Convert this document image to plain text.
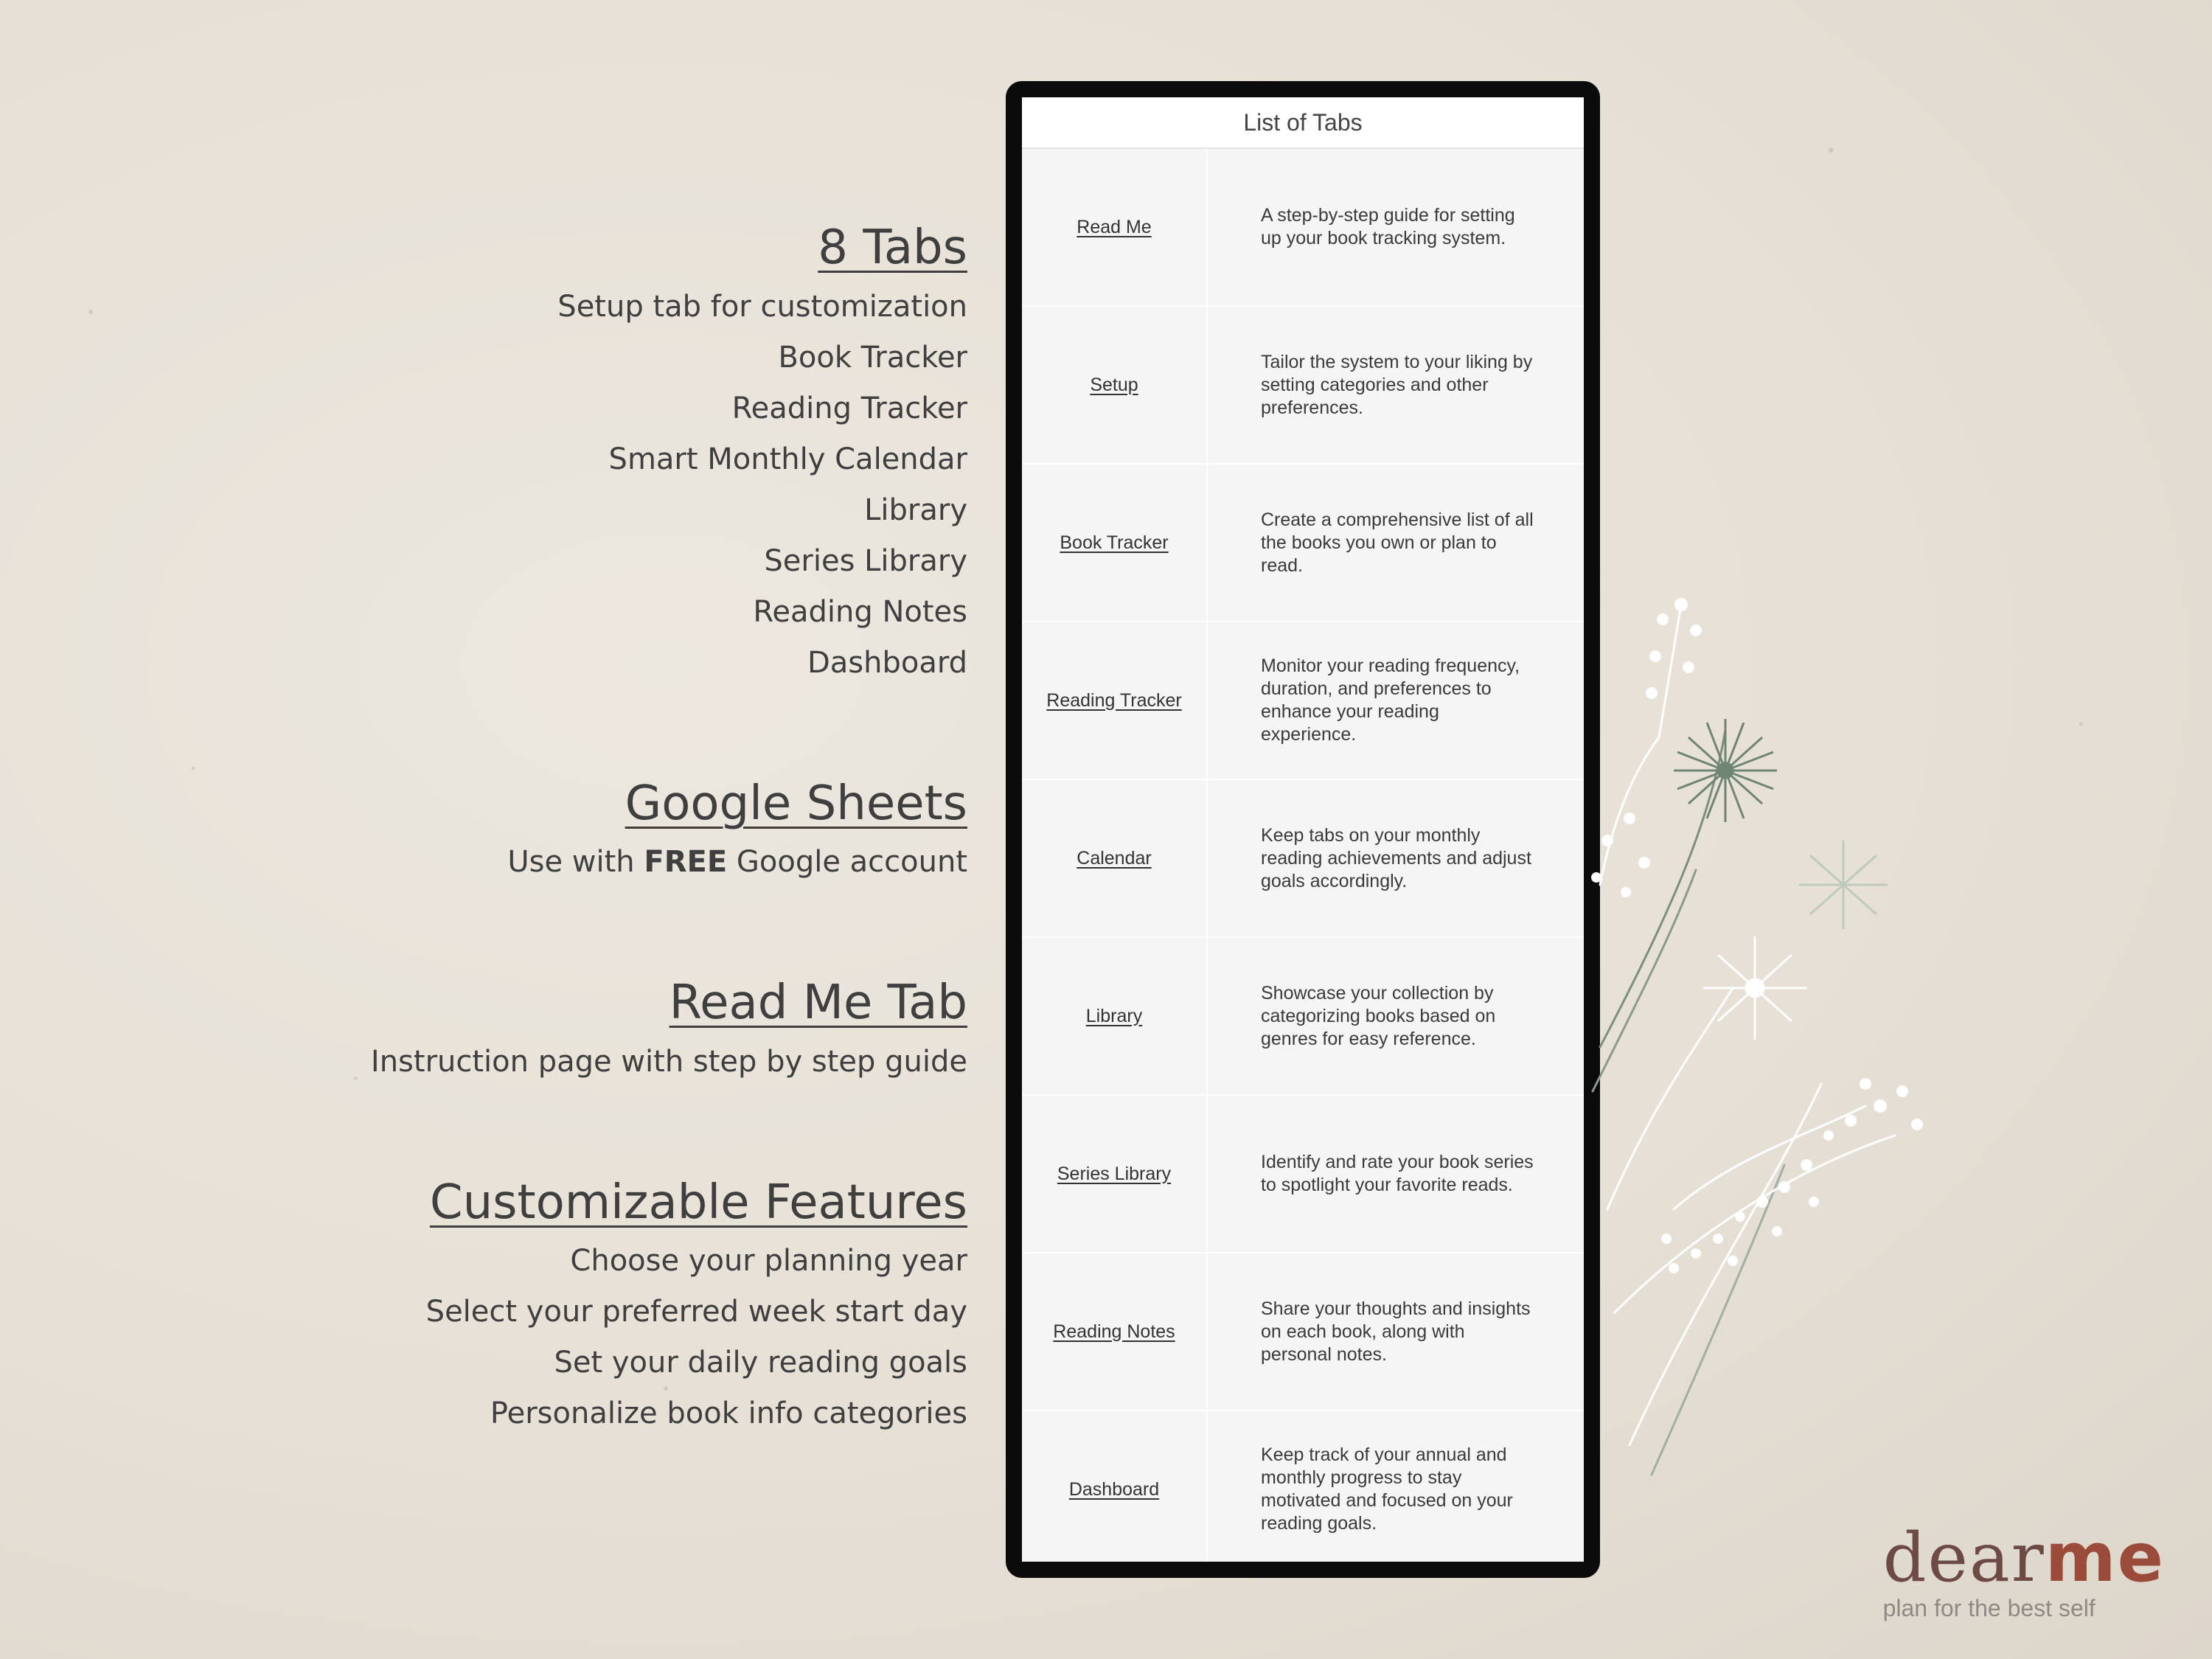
8 Tabs
Setup tab for customization
Book Tracker
Reading Tracker
Smart Monthly Calendar
Library
Series Library
Reading Notes
Dashboard
Google Sheets
Use with FREE Google account
Read Me Tab
Instruction page with step by step guide
Customizable Features
Choose your planning year
Select your preferred week start day
Set your daily reading goals
Personalize book info categories
List of Tabs
Read Me
A step-by-step guide for setting up your book tracking system.
Setup
Tailor the system to your liking by setting categories and other preferences.
Book Tracker
Create a comprehensive list of all the books you own or plan to read.
Reading Tracker
Monitor your reading frequency, duration, and preferences to enhance your reading experience.
Calendar
Keep tabs on your monthly reading achievements and adjust goals accordingly.
Library
Showcase your collection by categorizing books based on genres for easy reference.
Series Library
Identify and rate your book series to spotlight your favorite reads.
Reading Notes
Share your thoughts and insights on each book, along with personal notes.
Dashboard
Keep track of your annual and monthly progress to stay motivated and focused on your reading goals.	dearme
plan for the best self
